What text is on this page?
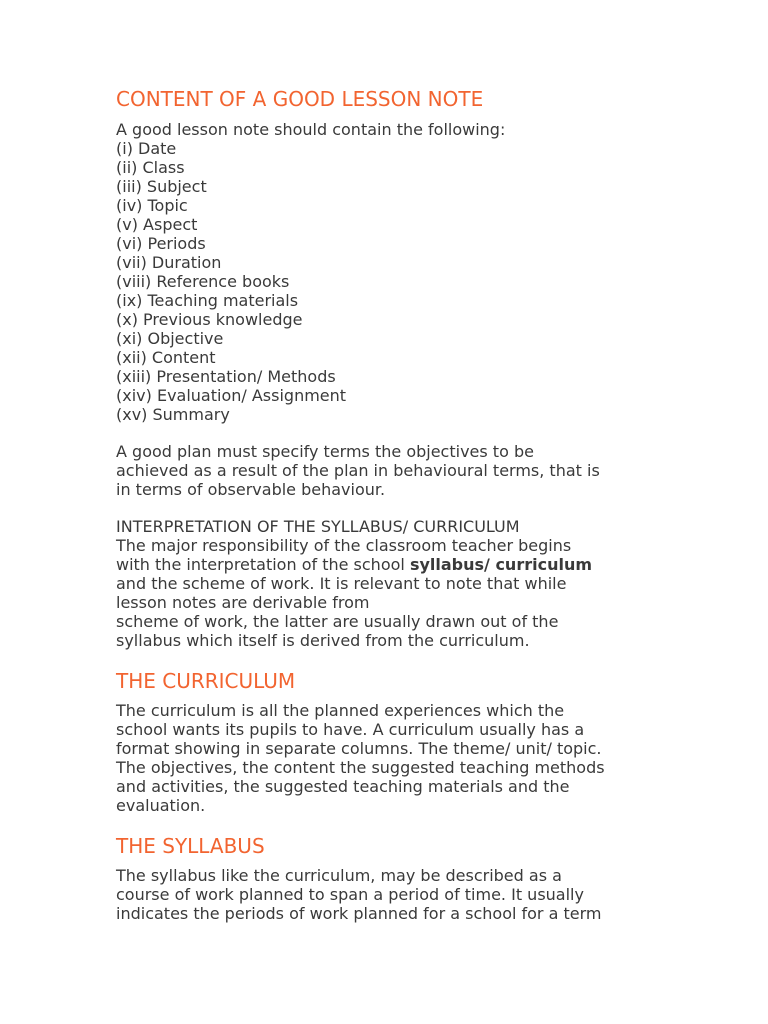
CONTENT OF A GOOD LESSON NOTE

A good lesson note should contain the following:

(i) Date
(ii) Class
(iii) Subject
(iv) Topic
(v) Aspect
(vi) Periods
(vii) Duration
(viii) Reference books
(ix) Teaching materials
(x) Previous knowledge
(xi) Objective
(xii) Content
(xiii) Presentation/ Methods
(xiv) Evaluation/ Assignment
(xv) Summary

A good plan must specify terms the objectives to be
achieved as a result of the plan in behavioural terms, that is
in terms of observable behaviour.

INTERPRETATION OF THE SYLLABUS/ CURRICULUM
The major responsibility of the classroom teacher begins
with the interpretation of the school syllabus/ curriculum
and the scheme of work. It is relevant to note that while
lesson notes are derivable from
scheme of work, the latter are usually drawn out of the
syllabus which itself is derived from the curriculum.

THE CURRICULUM

The curriculum is all the planned experiences which the
school wants its pupils to have. A curriculum usually has a
format showing in separate columns. The theme/ unit/ topic.
The objectives, the content the suggested teaching methods
and activities, the suggested teaching materials and the
evaluation.

THE SYLLABUS

The syllabus like the curriculum, may be described as a
course of work planned to span a period of time. It usually
indicates the periods of work planned for a school for a term
